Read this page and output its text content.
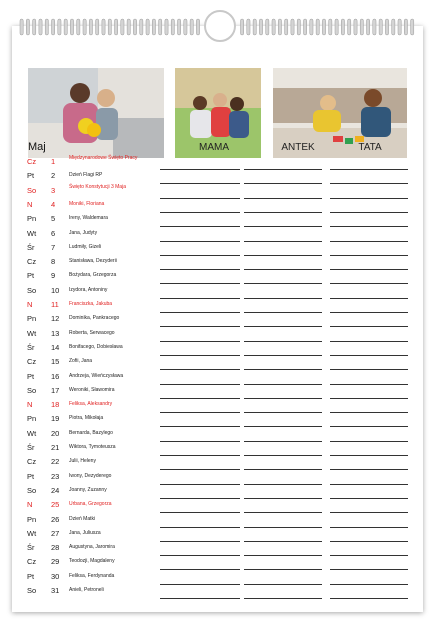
Maj	MAMA	ANTEK	TATA
Cz 1	Międzynarodowe Święto Pracy
Pt 2	Dzień Flagi RP
So 3	Święto Konstytucji 3 Maja
N 4	Moniki, Floriana
Pn 5	Ireny, Waldemara
Wt 6	Jana, Judyty
Śr 7	Ludmiły, Gizeli
Cz 8	Stanisława, Dezyderii
Pt 9	Bożydara, Grzegorza
So 10 Izydora, Antoniny
N 11 Franciszka, Jakuba
Pn 12 Dominika, Pankracego
Wt 13 Roberta, Serwacego
Śr 14 Bonifacego, Dobiesława
Cz 15 Zofii, Jana
Pt 16 Andrzeja, Wieńczysława
So 17 Weroniki, Sławomira
N 18 Feliksa, Aleksandry
Pn 19 Piotra, Mikołaja
Wt 20 Bernarda, Bazylego
Śr 21 Wiktora, Tymoteusza
Cz 22 Julii, Heleny
Pt 23 Iwony, Dezyderego
So 24 Joanny, Zuzanny
N 25 Urbana, Grzegorza
Pn 26 Dzień Matki
Wt 27 Jana, Juliusza
Śr 28 Augustyna, Jaromira
Cz 29 Teodozji, Magdaleny
Pt 30 Feliksa, Ferdynanda
So 31 Anieli, Petroneli
